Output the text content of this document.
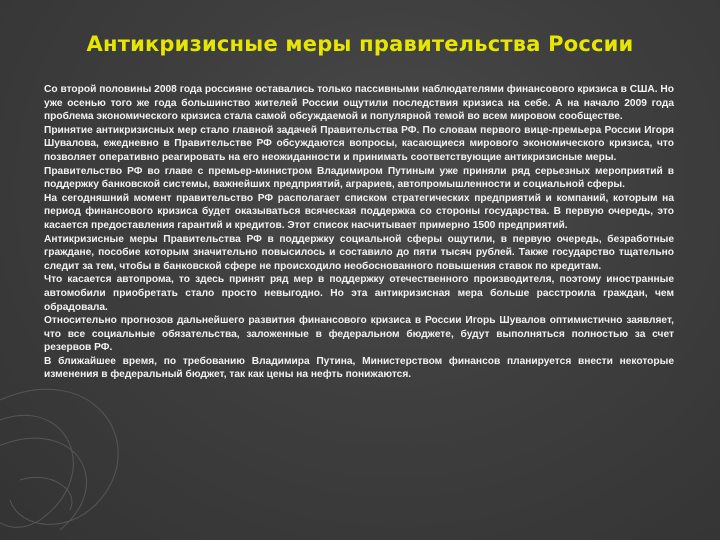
Антикризисные меры правительства России

Со второй половины 2008 года россияне оставались только пассивными наблюдателями финансового кризиса в США. Но уже осенью того же года большинство жителей России ощутили последствия кризиса на себе. А на начало 2009 года проблема экономического кризиса стала самой обсуждаемой и популярной темой во всем мировом сообществе.

Принятие антикризисных мер стало главной задачей Правительства РФ. По словам первого вице-премьера России Игоря Шувалова, ежедневно в Правительстве РФ обсуждаются вопросы, касающиеся мирового экономического кризиса, что позволяет оперативно реагировать на его неожиданности и принимать соответствующие антикризисные меры.

Правительство РФ во главе с премьер-министром Владимиром Путиным уже приняли ряд серьезных мероприятий в поддержку банковской системы, важнейших предприятий, аграриев, автопромышленности и социальной сферы.

На сегодняшний момент правительство РФ располагает списком стратегических предприятий и компаний, которым на период финансового кризиса будет оказываться всяческая поддержка со стороны государства. В первую очередь, это касается предоставления гарантий и кредитов. Этот список насчитывает примерно 1500 предприятий.

Антикризисные меры Правительства РФ в поддержку социальной сферы ощутили, в первую очередь, безработные граждане, пособие которым значительно повысилось и составило до пяти тысяч рублей. Также государство тщательно следит за тем, чтобы в банковской сфере не происходило необоснованного повышения ставок по кредитам.

Что касается автопрома, то здесь принят ряд мер в поддержку отечественного производителя, поэтому иностранные автомобили приобретать стало просто невыгодно. Но эта антикризисная мера больше расстроила граждан, чем обрадовала.

Относительно прогнозов дальнейшего развития финансового кризиса в России Игорь Шувалов оптимистично заявляет, что все социальные обязательства, заложенные в федеральном бюджете, будут выполняться полностью за счет резервов РФ.

В ближайшее время, по требованию Владимира Путина, Министерством финансов планируется внести некоторые изменения в федеральный бюджет, так как цены на нефть понижаются.
